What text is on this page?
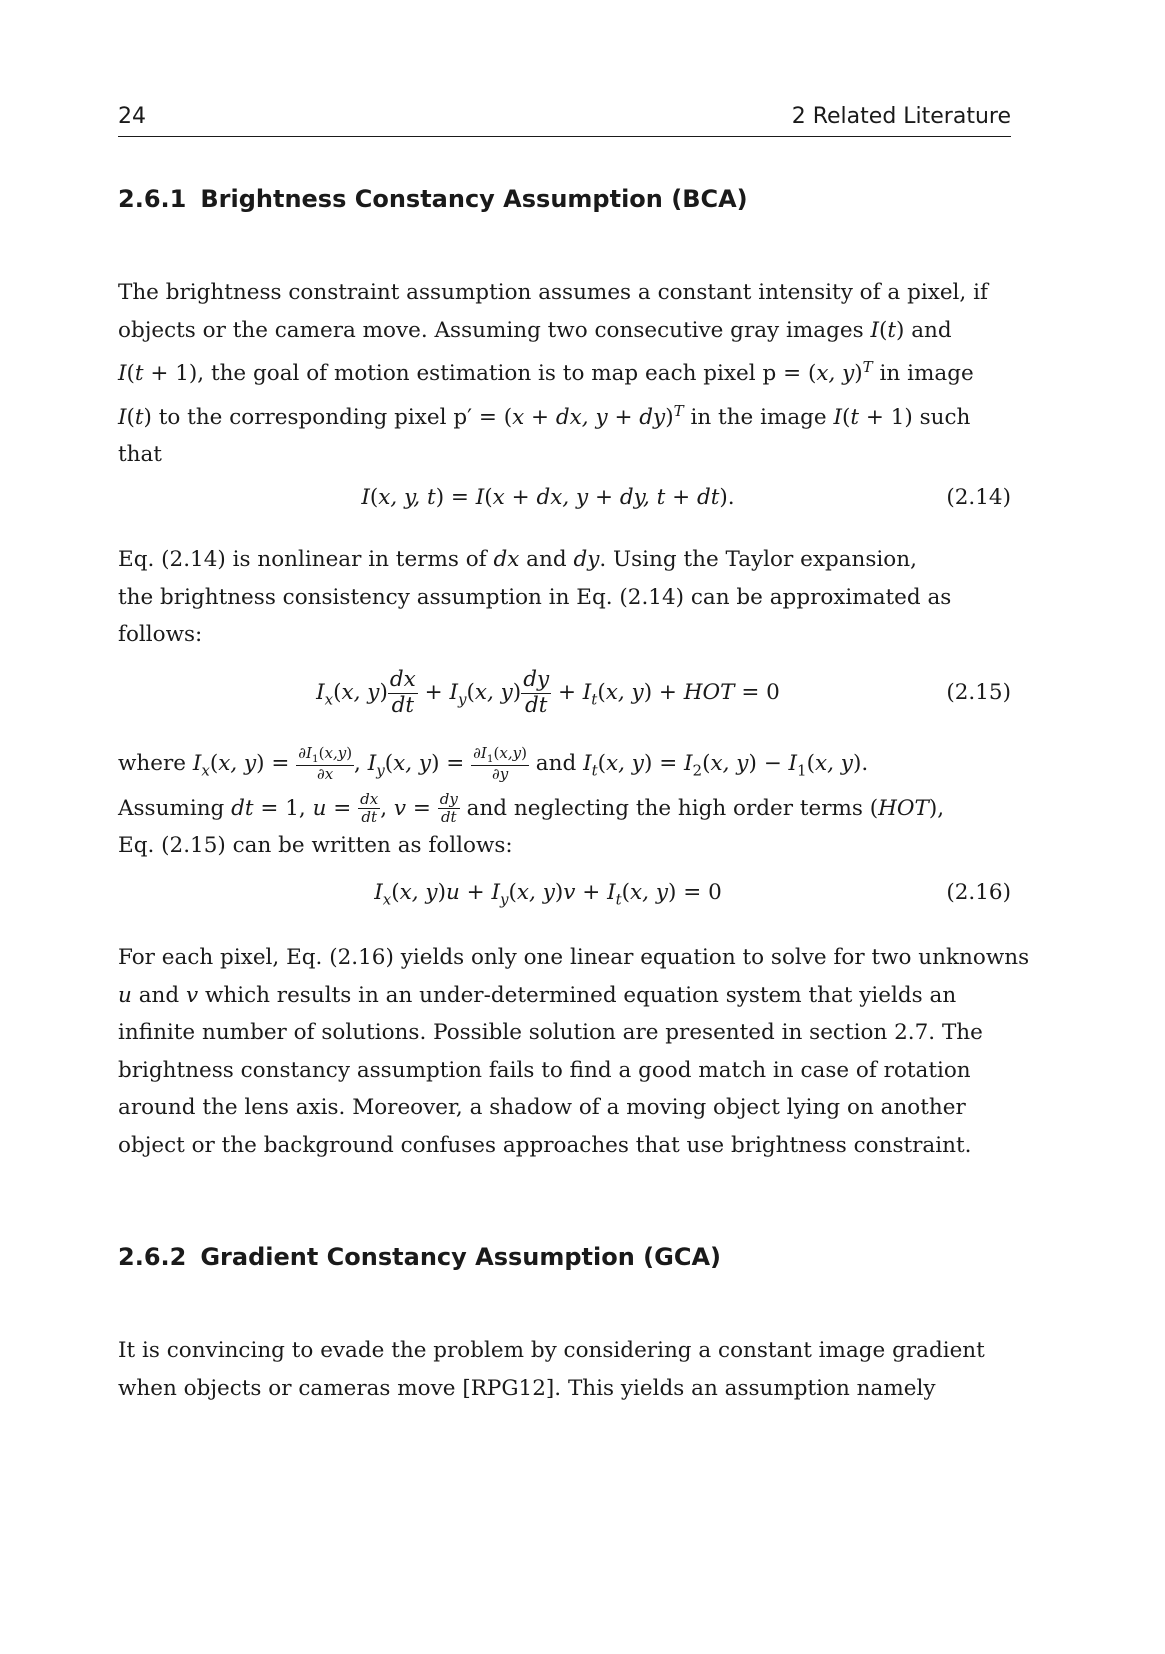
24	2 Related Literature
2.6.1 Brightness Constancy Assumption (BCA)
The brightness constraint assumption assumes a constant intensity of a pixel, if
objects or the camera move. Assuming two consecutive gray images I(t) and
I(t + 1), the goal of motion estimation is to map each pixel p = (x, y)$^T$ in image
I(t) to the corresponding pixel p′ = (x + dx, y + dy)$^T$ in the image I(t + 1) such
that
I(x, y, t) = I(x + dx, y + dy, t + dt).	(2.14)
Eq. (2.14) is nonlinear in terms of dx and dy. Using the Taylor expansion,
the brightness consistency assumption in Eq. (2.14) can be approximated as
follows:
$I_x(x$, $y) \frac{dx}{dt} + I_y(x$, $y) \frac{dy}{dt} + I_t(x$, y) + HOT = 0	(2.15)
where $I_x(x$, $y) = \frac{\partial I_1(x,y)}{\partial x}$ , $I_y(x$, $y) = \frac{\partial I_1(x,y)}{\partial y}$ and $I_t(x$, $y) = I_2(x$, $y) - I_1(x$, y).
Assuming dt = 1, $u = \frac{dx}{dt}$ , $v = \frac{dy}{dt}$ and neglecting the high order terms (HOT),
Eq. (2.15) can be written as follows:
$I_x(x$, $y)u + I_y(x$, $y)v + I_t(x$, y) = 0	(2.16)
For each pixel, Eq. (2.16) yields only one linear equation to solve for two unknowns
u and v which results in an under-determined equation system that yields an
infinite number of solutions. Possible solution are presented in section 2.7. The
brightness constancy assumption fails to find a good match in case of rotation
around the lens axis. Moreover, a shadow of a moving object lying on another
object or the background confuses approaches that use brightness constraint.
2.6.2 Gradient Constancy Assumption (GCA)
It is convincing to evade the problem by considering a constant image gradient
when objects or cameras move [RPG12]. This yields an assumption namely
